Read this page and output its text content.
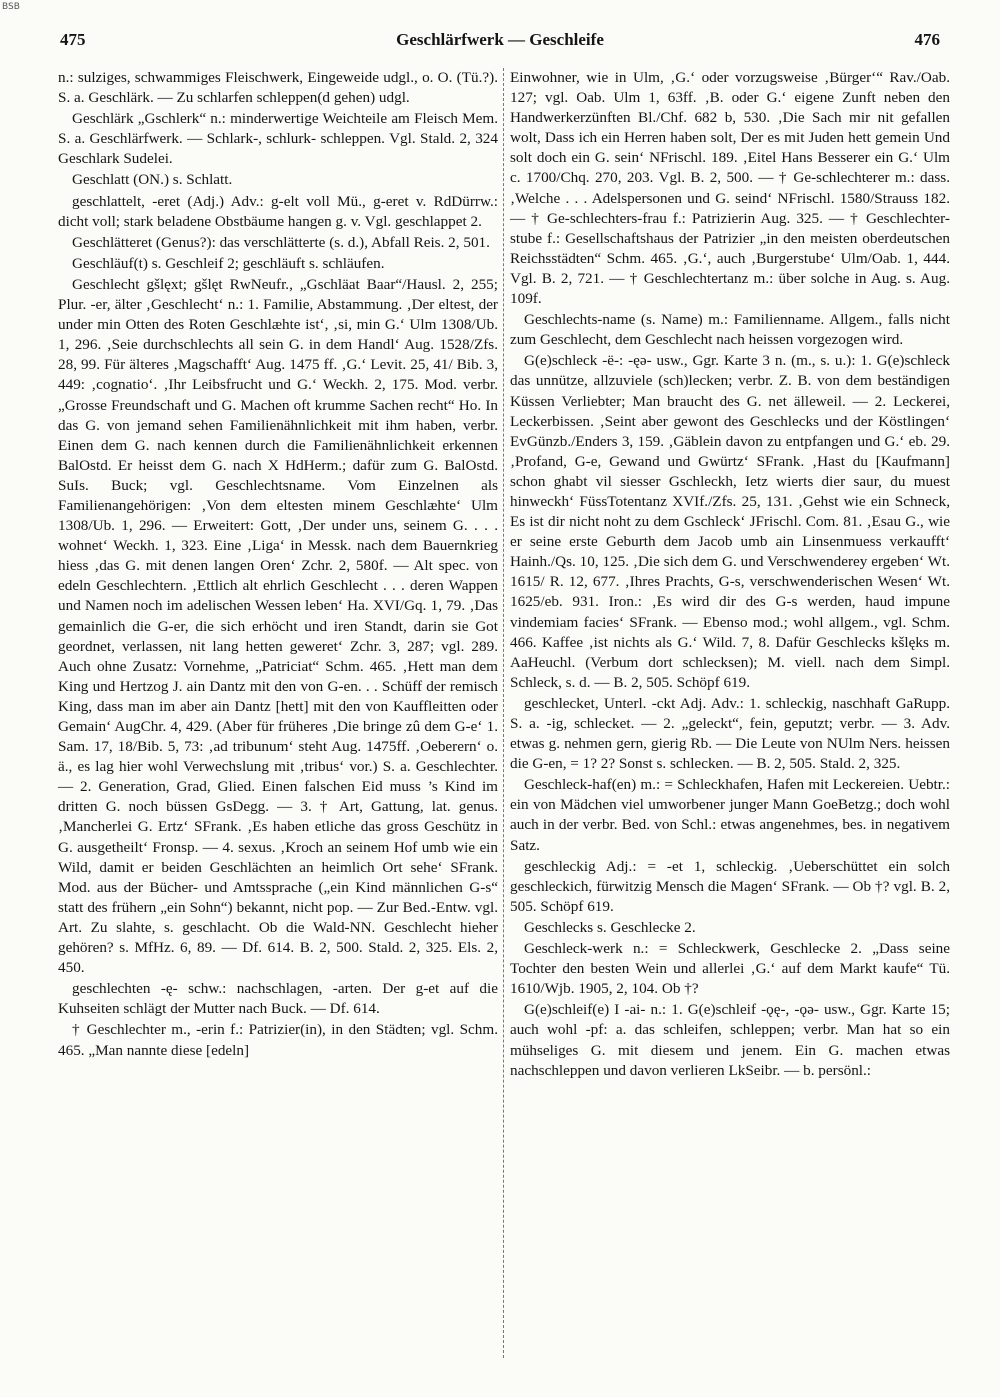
BSB
475	Geschlärfwerk — Geschleife	476

n.: sulziges, schwammiges Fleischwerk, Eingeweide udgl., o. O. (Tü.?). S. a. Geschlärk. — Zu schlarfen schleppen(d gehen) udgl.

Geschlärk „Gschlerk“ n.: minderwertige Weichteile am Fleisch Mem. S. a. Geschlärfwerk. — Schlark-, schlurk- schleppen. Vgl. Stald. 2, 324 Geschlark Sudelei.

Geschlatt (ON.) s. Schlatt.

geschlattelt, -eret (Adj.) Adv.: g-elt voll Mü., g-eret v. RdDürrw.: dicht voll; stark beladene Obstbäume hangen g. v. Vgl. geschlappet 2.

Geschlätteret (Genus?): das verschlätterte (s. d.), Abfall Reis. 2, 501.

Geschläuf(t) s. Geschleif 2; geschläuft s. schläufen.

Geschlecht gšlęxt; gšlęt RwNeufr., „Gschläat Baar“/Hausl. 2, 255; Plur. -er, älter ‚Geschlecht‘ n.: 1. Familie, Abstammung. ‚Der eltest, der under min Otten des Roten Geschlæhte ist‘, ‚si, min G.‘ Ulm 1308/Ub. 1, 296. ‚Seie durchschlechts all sein G. in dem Handl‘ Aug. 1528/Zfs. 28, 99. Für älteres ‚Magschafft‘ Aug. 1475 ff. ‚G.‘ Levit. 25, 41/ Bib. 3, 449: ‚cognatio‘. ‚Ihr Leibsfrucht und G.‘ Weckh. 2, 175. Mod. verbr. „Grosse Freundschaft und G. Machen oft krumme Sachen recht“ Ho. In das G. von jemand sehen Familienähnlichkeit mit ihm haben, verbr. Einen dem G. nach kennen durch die Familienähnlichkeit erkennen BalOstd. Er heisst dem G. nach X HdHerm.; dafür zum G. BalOstd. SuIs. Buck; vgl. Geschlechtsname. Vom Einzelnen als Familienangehörigen: ‚Von dem eltesten minem Geschlæhte‘ Ulm 1308/Ub. 1, 296. — Erweitert: Gott, ‚Der under uns, seinem G. . . . wohnet‘ Weckh. 1, 323. Eine ‚Liga‘ in Messk. nach dem Bauernkrieg hiess ‚das G. mit denen langen Oren‘ Zchr. 2, 580f. — Alt spec. von edeln Geschlechtern. ‚Ettlich alt ehrlich Geschlecht . . . deren Wappen und Namen noch im adelischen Wessen leben‘ Ha. XVI/Gq. 1, 79. ‚Das gemainlich die G-er, die sich erhöcht und iren Standt, darin sie Got geordnet, verlassen, nit lang hetten geweret‘ Zchr. 3, 287; vgl. 289. Auch ohne Zusatz: Vornehme, „Patriciat“ Schm. 465. ‚Hett man dem King und Hertzog J. ain Dantz mit den von G-en. . . Schüff der remisch King, dass man im aber ain Dantz [hett] mit den von Kauffleitten oder Gemain‘ AugChr. 4, 429. (Aber für früheres ‚Die bringe zû dem G-e‘ 1. Sam. 17, 18/Bib. 5, 73: ‚ad tribunum‘ steht Aug. 1475ff. ‚Oeberern‘ o. ä., es lag hier wohl Verwechslung mit ‚tribus‘ vor.) S. a. Geschlechter. — 2. Generation, Grad, Glied. Einen falschen Eid muss ’s Kind im dritten G. noch büssen GsDegg. — 3. † Art, Gattung, lat. genus. ‚Mancherlei G. Ertz‘ SFrank. ‚Es haben etliche das gross Geschütz in G. ausgetheilt‘ Fronsp. — 4. sexus. ‚Kroch an seinem Hof umb wie ein Wild, damit er beiden Geschlächten an heimlich Ort sehe‘ SFrank. Mod. aus der Bücher- und Amtssprache („ein Kind männlichen G-s“ statt des frühern „ein Sohn“) bekannt, nicht pop. — Zur Bed.-Entw. vgl. Art. Zu slahte, s. geschlacht. Ob die Wald-NN. Geschlecht hieher gehören? s. MfHz. 6, 89. — Df. 614. B. 2, 500. Stald. 2, 325. Els. 2, 450.

geschlechten -ę- schw.: nachschlagen, -arten. Der g-et auf die Kuhseiten schlägt der Mutter nach Buck. — Df. 614.

† Geschlechter m., -erin f.: Patrizier(in), in den Städten; vgl. Schm. 465. „Man nannte diese [edeln]

Einwohner, wie in Ulm, ‚G.‘ oder vorzugsweise ‚Bürger‘“ Rav./Oab. 127; vgl. Oab. Ulm 1, 63ff. ‚B. oder G.‘ eigene Zunft neben den Handwerkerzünften Bl./Chf. 682 b, 530. ‚Die Sach mir nit gefallen wolt, Dass ich ein Herren haben solt, Der es mit Juden hett gemein Und solt doch ein G. sein‘ NFrischl. 189. ‚Eitel Hans Besserer ein G.‘ Ulm c. 1700/Chq. 270, 203. Vgl. B. 2, 500. — † Ge-schlechterer m.: dass. ‚Welche . . . Adelspersonen und G. seind‘ NFrischl. 1580/Strauss 182. — † Ge-schlechters-frau f.: Patrizierin Aug. 325. — † Geschlechter-stube f.: Gesellschaftshaus der Patrizier „in den meisten oberdeutschen Reichsstädten“ Schm. 465. ‚G.‘, auch ‚Burgerstube‘ Ulm/Oab. 1, 444. Vgl. B. 2, 721. — † Geschlechtertanz m.: über solche in Aug. s. Aug. 109f.

Geschlechts-name (s. Name) m.: Familienname. Allgem., falls nicht zum Geschlecht, dem Geschlecht nach heissen vorgezogen wird.

G(e)schleck -ë-: -ęə- usw., Ggr. Karte 3 n. (m., s. u.): 1. G(e)schleck das unnütze, allzuviele (sch)lecken; verbr. Z. B. von dem beständigen Küssen Verliebter; Man braucht des G. net älleweil. — 2. Leckerei, Leckerbissen. ‚Seint aber gewont des Geschlecks und der Köstlingen‘ EvGünzb./Enders 3, 159. ‚Gäblein davon zu entpfangen und G.‘ eb. 29. ‚Profand, G-e, Gewand und Gwürtz‘ SFrank. ‚Hast du [Kaufmann] schon ghabt vil siesser Gschleckh, Ietz wierts dier saur, du muest hinweckh‘ FüssTotentanz XVIf./Zfs. 25, 131. ‚Gehst wie ein Schneck, Es ist dir nicht noht zu dem Gschleck‘ JFrischl. Com. 81. ‚Esau G., wie er seine erste Geburth dem Jacob umb ain Linsenmuess verkaufft‘ Hainh./Qs. 10, 125. ‚Die sich dem G. und Verschwenderey ergeben‘ Wt. 1615/ R. 12, 677. ‚Ihres Prachts, G-s, verschwenderischen Wesen‘ Wt. 1625/eb. 931. Iron.: ‚Es wird dir des G-s werden, haud impune vindemiam facies‘ SFrank. — Ebenso mod.; wohl allgem., vgl. Schm. 466. Kaffee ‚ist nichts als G.‘ Wild. 7, 8. Dafür Geschlecks kšlęks m. AaHeuchl. (Verbum dort schlecksen); M. viell. nach dem Simpl. Schleck, s. d. — B. 2, 505. Schöpf 619.

geschlecket, Unterl. -ckt Adj. Adv.: 1. schleckig, naschhaft GaRupp. S. a. -ig, schlecket. — 2. „geleckt“, fein, geputzt; verbr. — 3. Adv. etwas g. nehmen gern, gierig Rb. — Die Leute von NUlm Ners. heissen die G-en, = 1? 2? Sonst s. schlecken. — B. 2, 505. Stald. 2, 325.

Geschleck-haf(en) m.: = Schleckhafen, Hafen mit Leckereien. Uebtr.: ein von Mädchen viel umworbener junger Mann GoeBetzg.; doch wohl auch in der verbr. Bed. von Schl.: etwas angenehmes, bes. in negativem Satz.

geschleckig Adj.: = -et 1, schleckig. ‚Ueberschüttet ein solch geschleckich, fürwitzig Mensch die Magen‘ SFrank. — Ob †? vgl. B. 2, 505. Schöpf 619.

Geschlecks s. Geschlecke 2.

Geschleck-werk n.: = Schleckwerk, Geschlecke 2. „Dass seine Tochter den besten Wein und allerlei ‚G.‘ auf dem Markt kaufe“ Tü. 1610/Wjb. 1905, 2, 104. Ob †?

G(e)schleif(e) I -ai- n.: 1. G(e)schleif -ǫę-, -ǫə- usw., Ggr. Karte 15; auch wohl -pf: a. das schleifen, schleppen; verbr. Man hat so ein mühseliges G. mit diesem und jenem. Ein G. machen etwas nachschleppen und davon verlieren LkSeibr. — b. persönl.:
